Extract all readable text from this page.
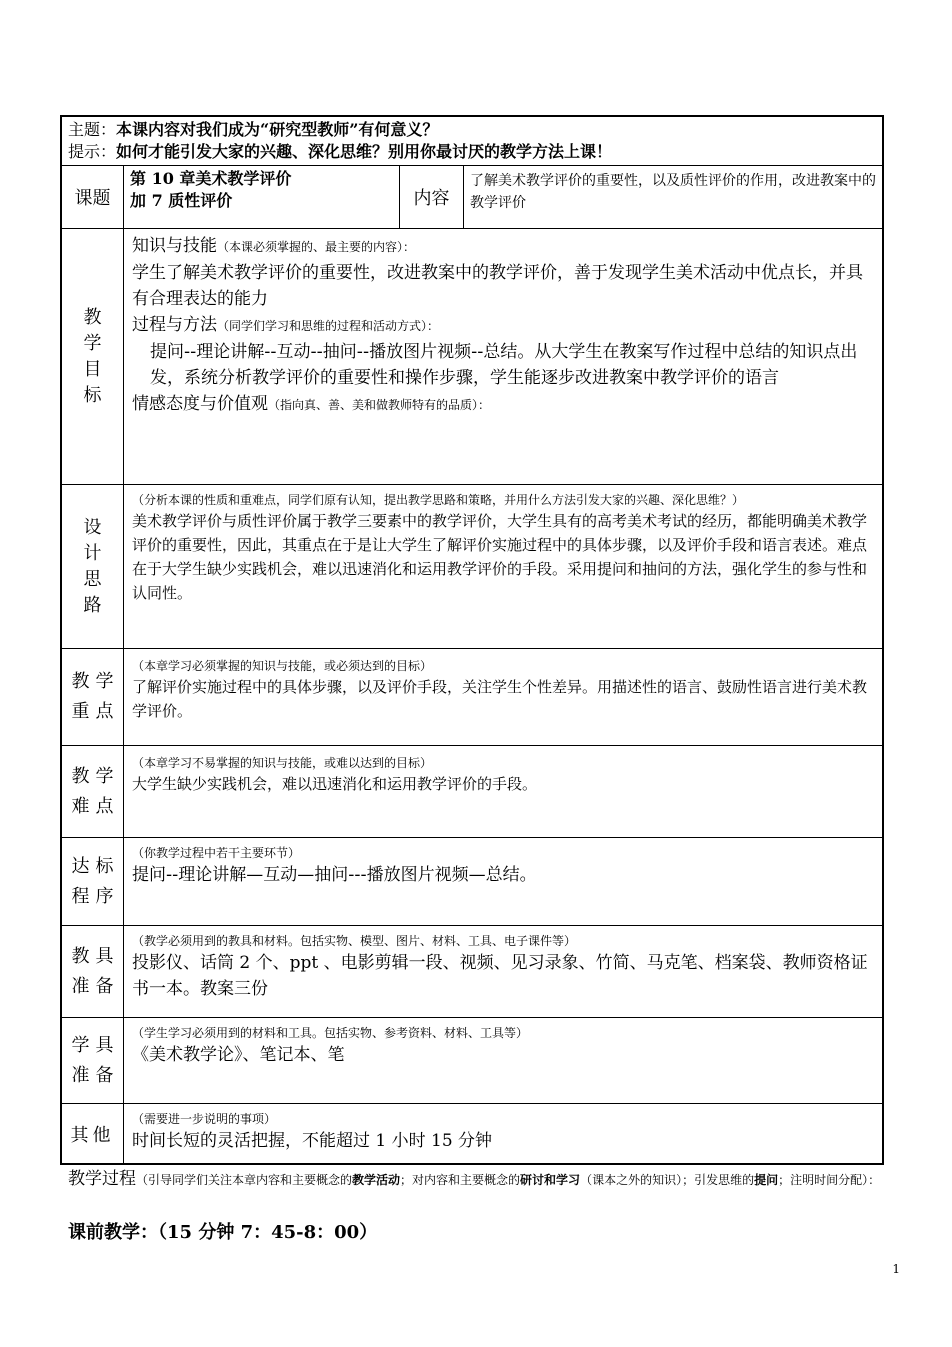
主题：本课内容对我们成为“研究型教师”有何意义？
提示：如何才能引发大家的兴趣、深化思维？别用你最讨厌的教学方法上课！
课题
第 10 章美术教学评价
加 7 质性评价	内容
了解美术教学评价的重要性，以及质性评价的作用，改进教案中的教学评价
教
学
目
标
知识与技能（本课必须掌握的、最主要的内容）：
学生了解美术教学评价的重要性，改进教案中的教学评价，善于发现学生美术活动中优点长，并具有合理表达的能力
过程与方法（同学们学习和思维的过程和活动方式）：
提问--理论讲解--互动--抽问--播放图片视频--总结。从大学生在教案写作过程中总结的知识点出发，系统分析教学评价的重要性和操作步骤，学生能逐步改进教案中教学评价的语言
情感态度与价值观（指向真、善、美和做教师特有的品质）：
设
计
思
路
（分析本课的性质和重难点，同学们原有认知，提出教学思路和策略，并用什么方法引发大家的兴趣、深化思维？）
美术教学评价与质性评价属于教学三要素中的教学评价，大学生具有的高考美术考试的经历，都能明确美术教学评价的重要性，因此，其重点在于是让大学生了解评价实施过程中的具体步骤，以及评价手段和语言表述。难点在于大学生缺少实践机会，难以迅速消化和运用教学评价的手段。采用提问和抽问的方法，强化学生的参与性和认同性。
教学
重点
（本章学习必须掌握的知识与技能，或必须达到的目标）
了解评价实施过程中的具体步骤，以及评价手段，关注学生个性差异。用描述性的语言、鼓励性语言进行美术教学评价。
教学
难点
（本章学习不易掌握的知识与技能，或难以达到的目标）
大学生缺少实践机会，难以迅速消化和运用教学评价的手段。
达标
程序
（你教学过程中若干主要环节）
提问--理论讲解—互动—抽问---播放图片视频—总结。
教具
准备
（教学必须用到的教具和材料。包括实物、模型、图片、材料、工具、电子课件等）
投影仪、话筒 2 个、ppt 、电影剪辑一段、视频、见习录象、竹简、马克笔、档案袋、教师资格证书一本。教案三份
学具
准备
（学生学习必须用到的材料和工具。包括实物、参考资料、材料、工具等）
《美术教学论》、笔记本、笔
其他
（需要进一步说明的事项）
时间长短的灵活把握，不能超过 1 小时 15 分钟
教学过程（引导同学们关注本章内容和主要概念的教学活动；对内容和主要概念的研讨和学习（课本之外的知识）；引发思维的提问；注明时间分配）：
课前教学：（15 分钟 7：45-8：00）
1
